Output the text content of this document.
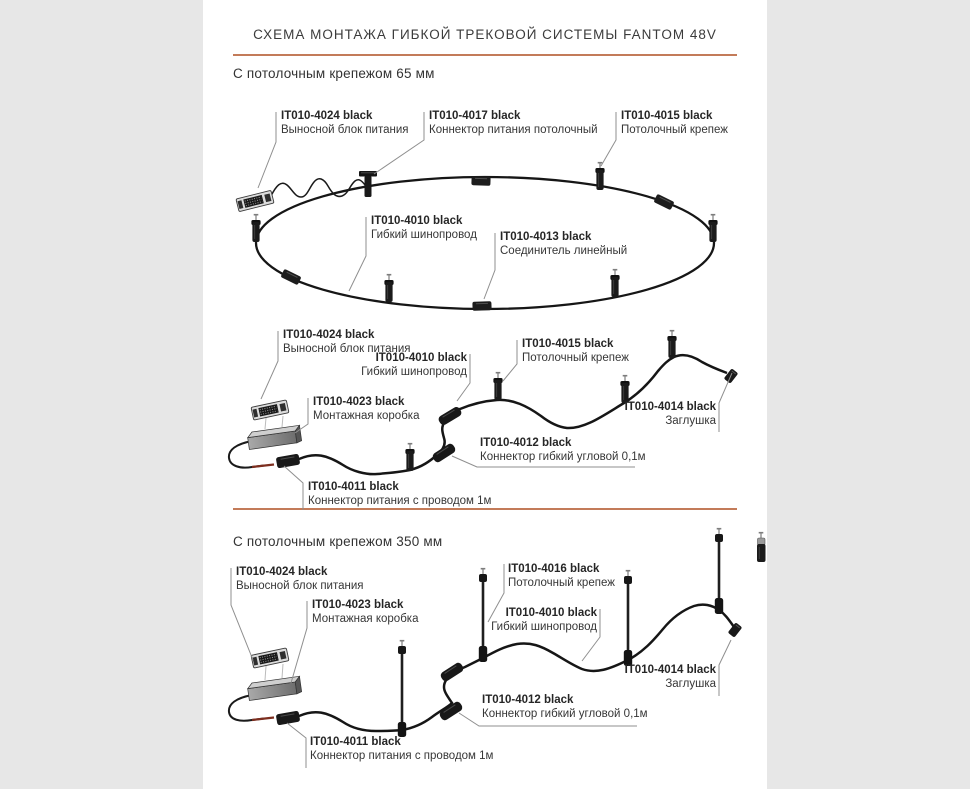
СХЕМА МОНТАЖА ГИБКОЙ ТРЕКОВОЙ СИСТЕМЫ FANTOM 48V
С потолочным крепежом 65 мм
С потолочным крепежом 350 мм
IT010-4024 black
Выносной блок питания
IT010-4017 black
Коннектор питания потолочный
IT010-4015 black
Потолочный крепеж
IT010-4010 black
Гибкий шинопровод IT010-4013 black
Соединитель линейный
IT010-4024 black
Выносной блок питания
IT010-4010 black
Гибкий шинопровод
IT010-4015 black
Потолочный крепеж
IT010-4023 black
Монтажная коробка
IT010-4014 black
Заглушка
IT010-4012 black
Коннектор гибкий угловой 0,1м
IT010-4011 black
Коннектор питания с проводом 1м
IT010-4024 black
Выносной блок питания
IT010-4023 black
Монтажная коробка
IT010-4016 black
Потолочный крепеж
IT010-4010 black
Гибкий шинопровод
IT010-4014 black
Заглушка
IT010-4012 black
Коннектор гибкий угловой 0,1м
IT010-4011 black
Коннектор питания с проводом 1м
